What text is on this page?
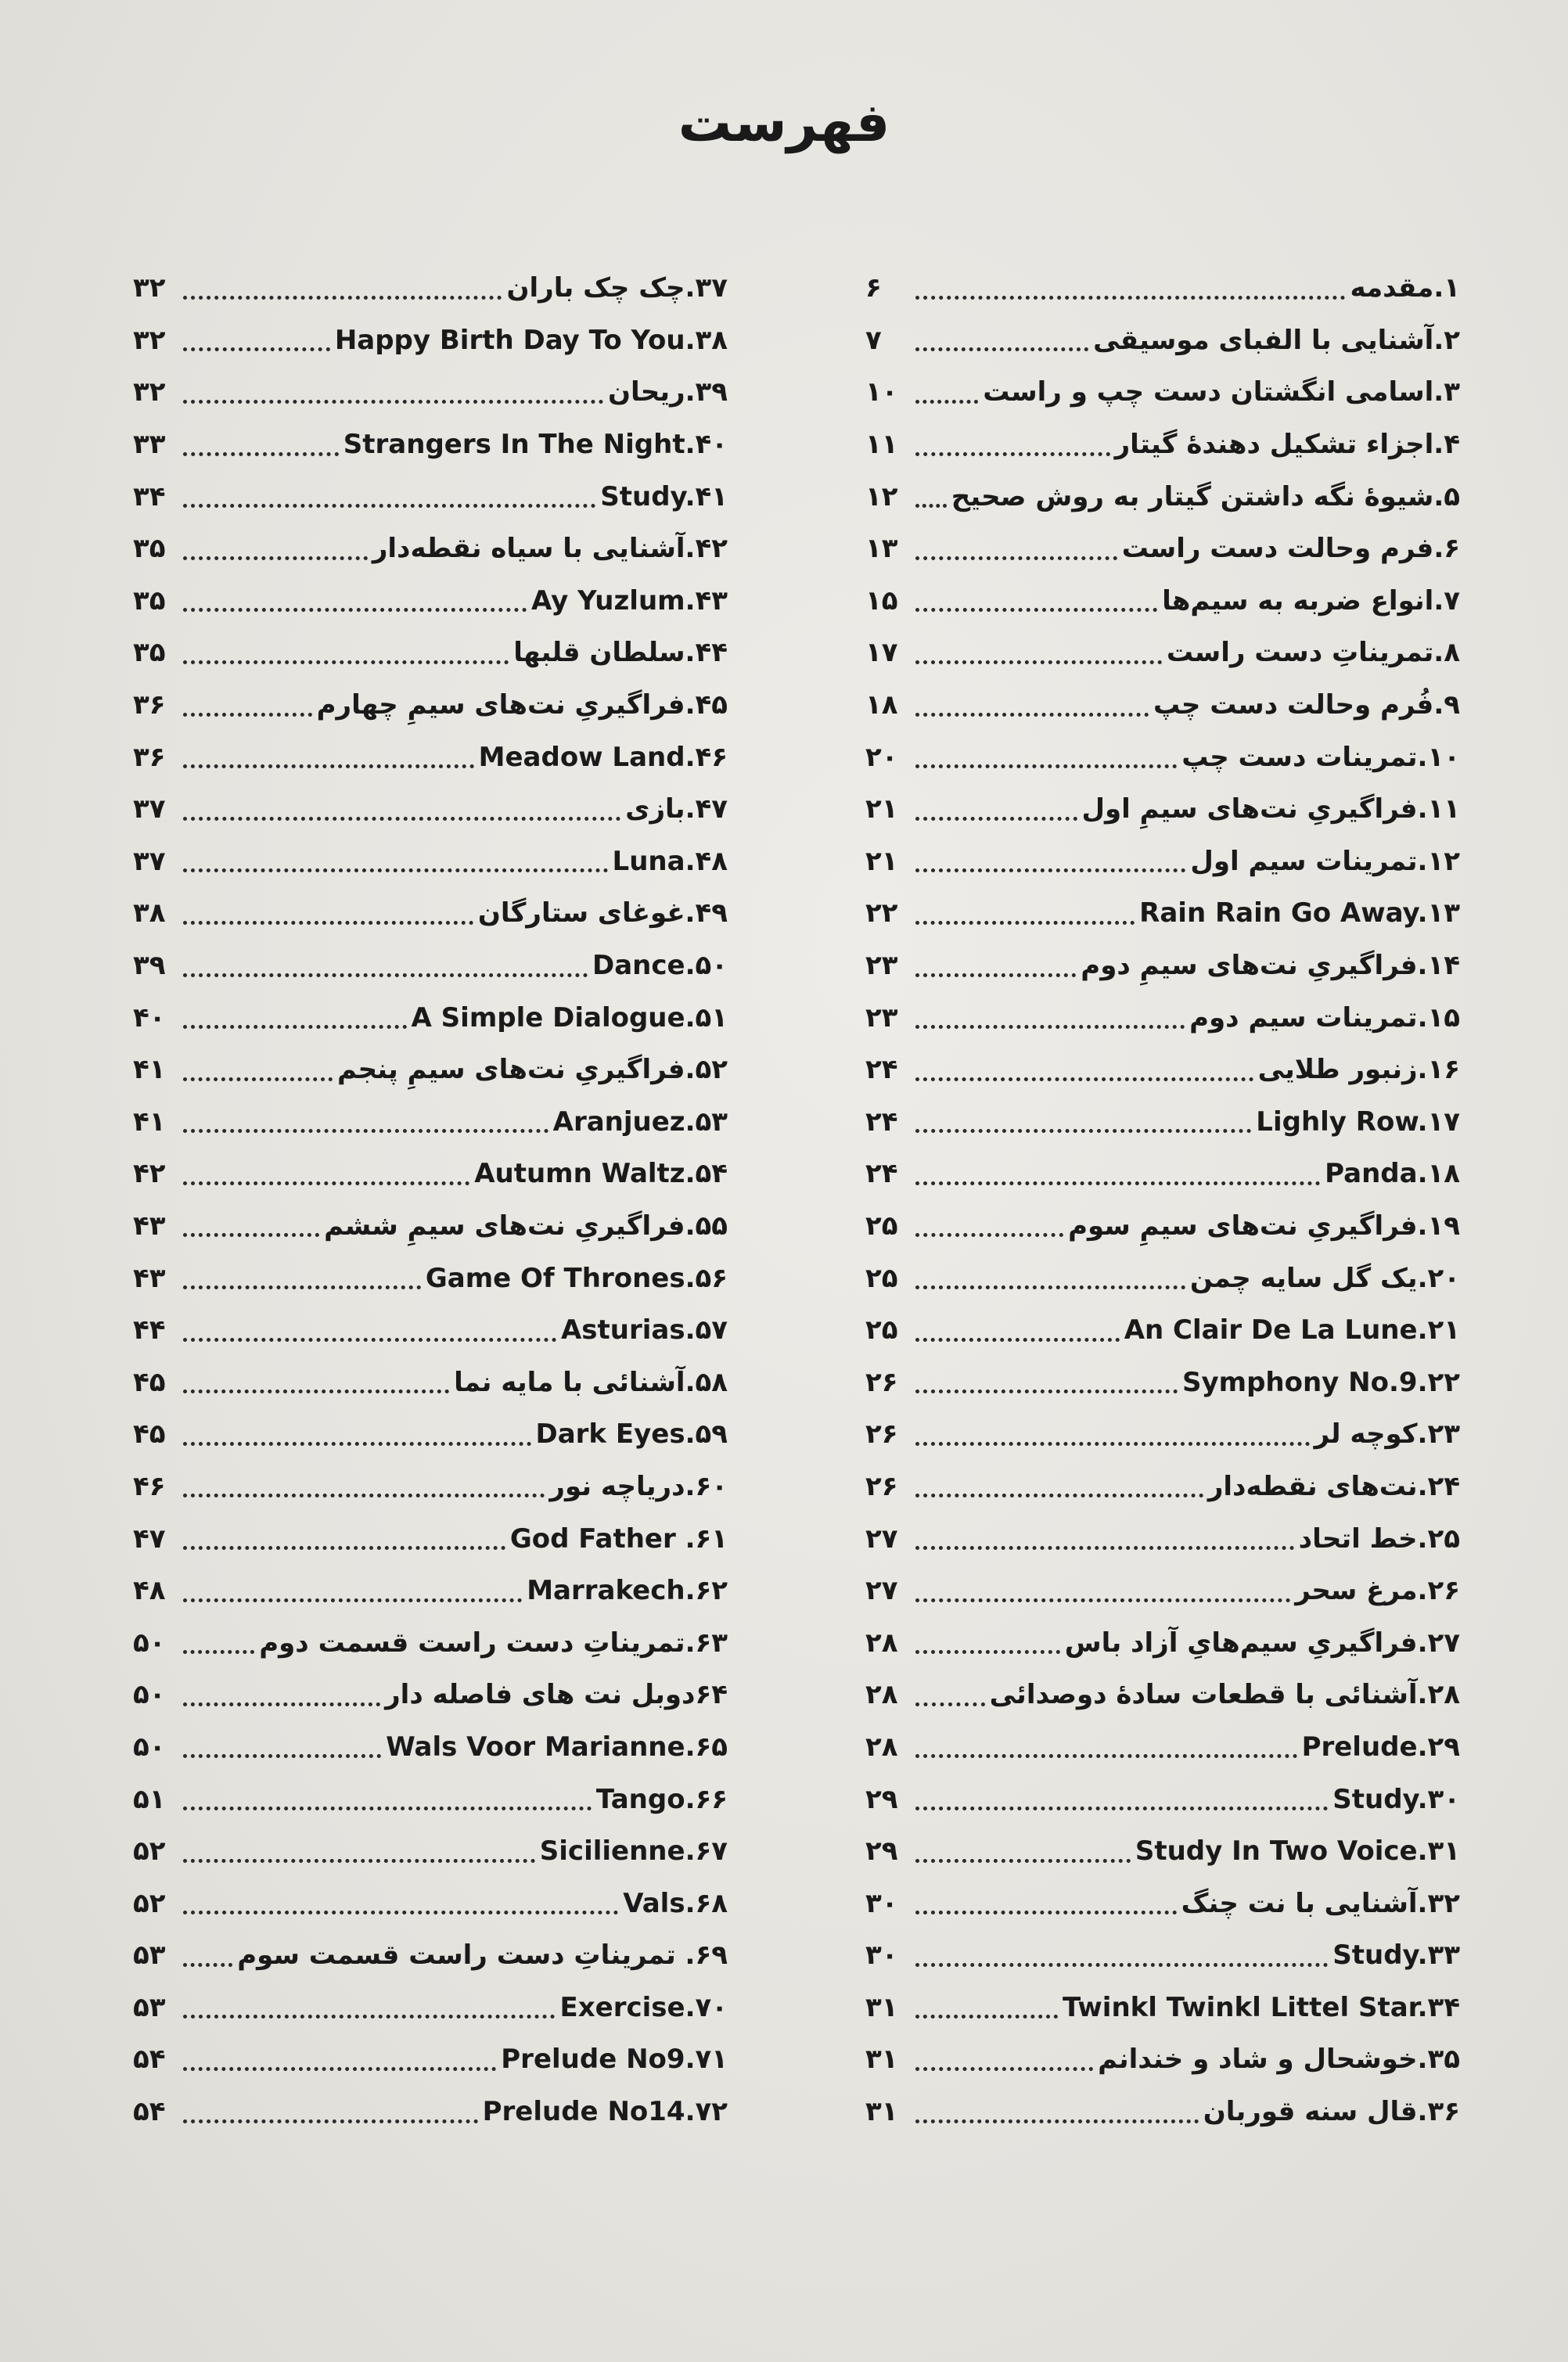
فهرست
۱.مقدمه
۶
۲.آشنایی با الفبای موسیقی
۷
۳.اسامی انگشتان دست چپ و راست
۱۰
۴.اجزاء تشکیل دهندهٔ گیتار
۱۱
۵.شیوهٔ نگه داشتن گیتار به روش صحیح
۱۲
۶.فرم وحالت دست راست
۱۳
۷.انواع ضربه به سیم‌ها
۱۵
۸.تمریناتِ دست راست
۱۷
۹.فُرم وحالت دست چپ
۱۸
۱۰.تمرینات دست چپ
۲۰
۱۱.فراگیریِ نت‌های سیمِ اول
۲۱
۱۲.تمرینات سیم اول
۲۱
Rain Rain Go Away.۱۳
۲۲
۱۴.فراگیریِ نت‌های سیمِ دوم
۲۳
۱۵.تمرینات سیم دوم
۲۳
۱۶.زنبور طلایی
۲۴
Lighly Row.۱۷
۲۴
Panda.۱۸
۲۴
۱۹.فراگیریِ نت‌های سیمِ سوم
۲۵
۲۰.یک گل سایه چمن
۲۵
An Clair De La Lune.۲۱
۲۵
Symphony No.9.۲۲
۲۶
۲۳.کوچه لر
۲۶
۲۴.نت‌های نقطه‌دار
۲۶
۲۵.خط اتحاد
۲۷
۲۶.مرغ سحر
۲۷
۲۷.فراگیریِ سیم‌هایِ آزاد باس
۲۸
۲۸.آشنائی با قطعات سادهٔ دوصدائی
۲۸
Prelude.۲۹
۲۸
Study.۳۰
۲۹
Study In Two Voice.۳۱
۲۹
۳۲.آشنایی با نت چنگ
۳۰
Study.۳۳
۳۰
Twinkl Twinkl Littel Star.۳۴
۳۱
۳۵.خوشحال و شاد و خندانم
۳۱
۳۶.قال سنه قوربان
۳۱
۳۷.چک چک باران
۳۲
Happy Birth Day To You.۳۸
۳۲
۳۹.ریحان
۳۲
Strangers In The Night.۴۰
۳۳
Study.۴۱
۳۴
۴۲.آشنایی با سیاه نقطه‌دار
۳۵
Ay Yuzlum.۴۳
۳۵
۴۴.سلطان قلبها
۳۵
۴۵.فراگیریِ نت‌های سیمِ چهارم
۳۶
Meadow Land.۴۶
۳۶
۴۷.بازی
۳۷
Luna.۴۸
۳۷
۴۹.غوغای ستارگان
۳۸
Dance.۵۰
۳۹
A Simple Dialogue.۵۱
۴۰
۵۲.فراگیریِ نت‌های سیمِ پنجم
۴۱
Aranjuez.۵۳
۴۱
Autumn Waltz.۵۴
۴۲
۵۵.فراگیریِ نت‌های سیمِ ششم
۴۳
Game Of Thrones.۵۶
۴۳
Asturias.۵۷
۴۴
۵۸.آشنائی با مایه نما
۴۵
Dark Eyes.۵۹
۴۵
۶۰.دریاچه نور
۴۶
God Father .۶۱
۴۷
Marrakech.۶۲
۴۸
۶۳.تمریناتِ دست راست قسمت دوم
۵۰
۶۴دوبل نت های فاصله دار
۵۰
Wals Voor Marianne.۶۵
۵۰
Tango.۶۶
۵۱
Sicilienne.۶۷
۵۲
Vals.۶۸
۵۲
۶۹. تمریناتِ دست راست قسمت سوم
۵۳
Exercise.۷۰
۵۳
Prelude No9.۷۱
۵۴
Prelude No14.۷۲
۵۴
